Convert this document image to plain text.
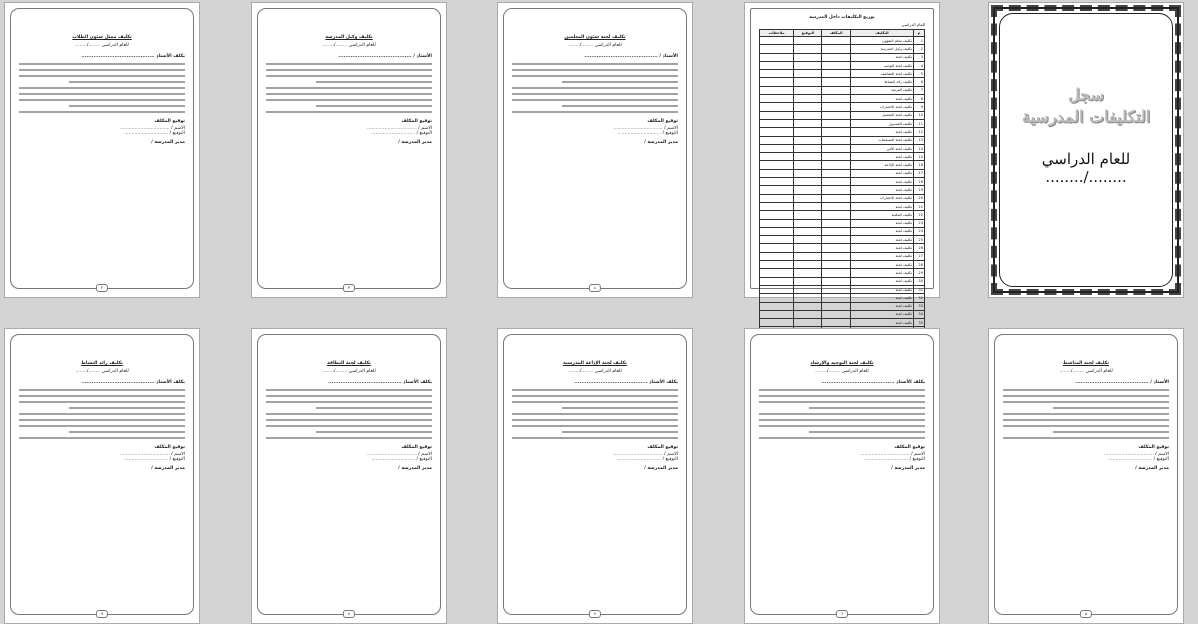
سجل
التكليفات المدرسية
للعام الدراسي
......../........
توزيع التكليفات داخل المدرسة
للعام الدراسي
م	التكليف	المكلف	التوقيع	ملاحظات
1	تكليف معلم الشؤون			
2	تكليف وكيل المدرسة			
3	تكليف لجنة			
4	تكليف لجنة التوجيه			
5	تكليف لجنة المقاصف			
6	تكليف رائد النشاط			
7	تكليف المرشد			
8	تكليف لجنة			
9	تكليف لجنة الاختبارات			
10	تكليف لجنة التحصيل			
11	تكليف الصندوق			
12	تكليف لجنة			
13	تكليف لجنة المسابقات			
14	تكليف لجنة الأمن			
15	تكليف لجنة			
16	تكليف لجنة الإذاعة			
17	تكليف لجنة			
18	تكليف لجنة			
19	تكليف لجنة			
20	تكليف لجنة الاختبارات			
21	تكليف لجنة			
22	تكليف المكتبة			
23	تكليف لجنة			
24	تكليف لجنة			
25	تكليف لجنة			
26	تكليف لجنة			
27	تكليف لجنة			
28	تكليف لجنة			
29	تكليف لجنة			
30	تكليف لجنة			
31	تكليف لجنة			
32	تكليف لجنة			
33	تكليف لجنة			
34	تكليف لجنة			
35	تكليف لجنة			

تكليف لجنة شئون المعلمين
للعام الدراسي ......../........
الأستاذ / ..........................................
توقيع المكلف
الاسم / ..................................
التوقيع / ..............................
مدير المدرسة /
٤
تكليف وكيل المدرسة
للعام الدراسي ......../........
الأستاذ / ..........................................
توقيع المكلف
الاسم / ..................................
التوقيع / ..............................
مدير المدرسة /
٣
تكليف ممثل شئون الطلاب
للعام الدراسي ......../........
يكلف الأستاذ ..........................................
توقيع المكلف
الاسم / ..................................
التوقيع / ..............................
مدير المدرسة /
٢
تكليف لجنة المناشط
للعام الدراسي ......../........
الأستاذ / ..........................................
توقيع المكلف
الاسم / ..................................
التوقيع / ..............................
مدير المدرسة /
٥
تكليف لجنة التوجيه والإرشاد
للعام الدراسي ......../........
يكلف الأستاذ ..........................................
توقيع المكلف
الاسم / ..................................
التوقيع / ..............................
مدير المدرسة /
٦
تكليف لجنة الإذاعة المدرسية
للعام الدراسي ......../........
يكلف الأستاذ ..........................................
توقيع المكلف
الاسم / ..................................
التوقيع / ..............................
مدير المدرسة /
٧
تكليف لجنة النظافة
للعام الدراسي ......../........
يكلف الأستاذ ..........................................
توقيع المكلف
الاسم / ..................................
التوقيع / ..............................
مدير المدرسة /
٨
تكليف رائد النشاط
للعام الدراسي ......../........
يكلف الأستاذ ..........................................
توقيع المكلف
الاسم / ..................................
التوقيع / ..............................
مدير المدرسة /
٩
